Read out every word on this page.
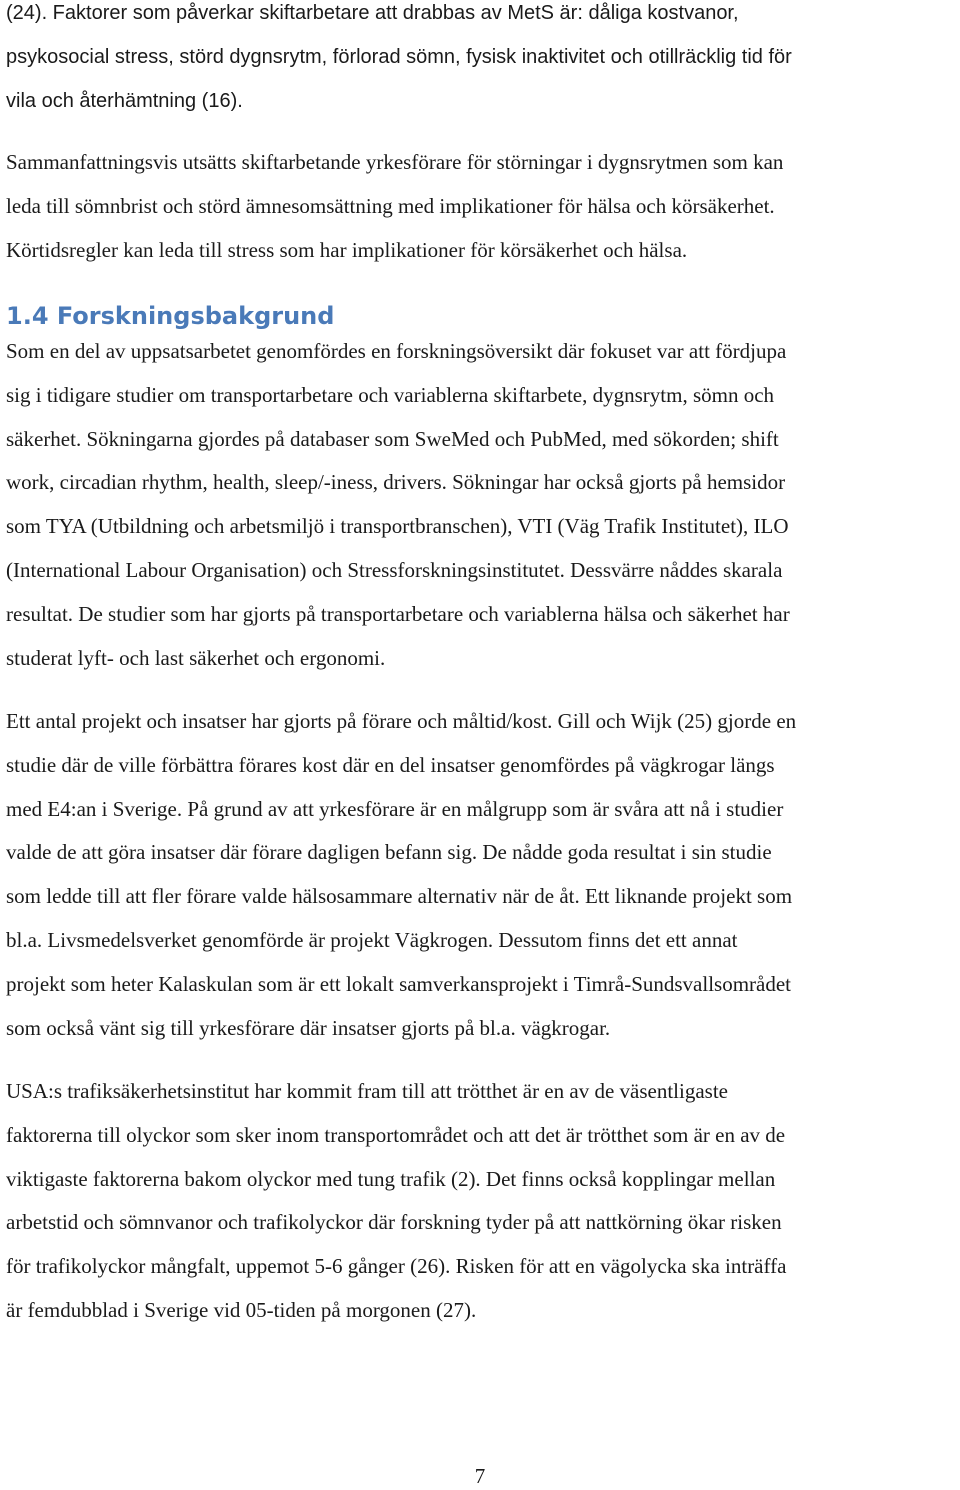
(24). Faktorer som påverkar skiftarbetare att drabbas av MetS är: dåliga kostvanor,
psykosocial stress, störd dygnsrytm, förlorad sömn, fysisk inaktivitet och otillräcklig tid för
vila och återhämtning (16).

Sammanfattningsvis utsätts skiftarbetande yrkesförare för störningar i dygnsrytmen som kan
leda till sömnbrist och störd ämnesomsättning med implikationer för hälsa och körsäkerhet.
Körtidsregler kan leda till stress som har implikationer för körsäkerhet och hälsa.

1.4 Forskningsbakgrund

Som en del av uppsatsarbetet genomfördes en forskningsöversikt där fokuset var att fördjupa
sig i tidigare studier om transportarbetare och variablerna skiftarbete, dygnsrytm, sömn och
säkerhet. Sökningarna gjordes på databaser som SweMed och PubMed, med sökorden; shift
work, circadian rhythm, health, sleep/-iness, drivers. Sökningar har också gjorts på hemsidor
som TYA (Utbildning och arbetsmiljö i transportbranschen), VTI (Väg Trafik Institutet), ILO
(International Labour Organisation) och Stressforskningsinstitutet. Dessvärre nåddes skarala
resultat. De studier som har gjorts på transportarbetare och variablerna hälsa och säkerhet har
studerat lyft- och last säkerhet och ergonomi.

Ett antal projekt och insatser har gjorts på förare och måltid/kost. Gill och Wijk (25) gjorde en
studie där de ville förbättra förares kost där en del insatser genomfördes på vägkrogar längs
med E4:an i Sverige. På grund av att yrkesförare är en målgrupp som är svåra att nå i studier
valde de att göra insatser där förare dagligen befann sig. De nådde goda resultat i sin studie
som ledde till att fler förare valde hälsosammare alternativ när de åt. Ett liknande projekt som
bl.a. Livsmedelsverket genomförde är projekt Vägkrogen. Dessutom finns det ett annat
projekt som heter Kalaskulan som är ett lokalt samverkansprojekt i Timrå-Sundsvallsområdet
som också vänt sig till yrkesförare där insatser gjorts på bl.a. vägkrogar.

USA:s trafiksäkerhetsinstitut har kommit fram till att trötthet är en av de väsentligaste
faktorerna till olyckor som sker inom transportområdet och att det är trötthet som är en av de
viktigaste faktorerna bakom olyckor med tung trafik (2). Det finns också kopplingar mellan
arbetstid och sömnvanor och trafikolyckor där forskning tyder på att nattkörning ökar risken
för trafikolyckor mångfalt, uppemot 5-6 gånger (26). Risken för att en vägolycka ska inträffa
är femdubblad i Sverige vid 05-tiden på morgonen (27).

7
